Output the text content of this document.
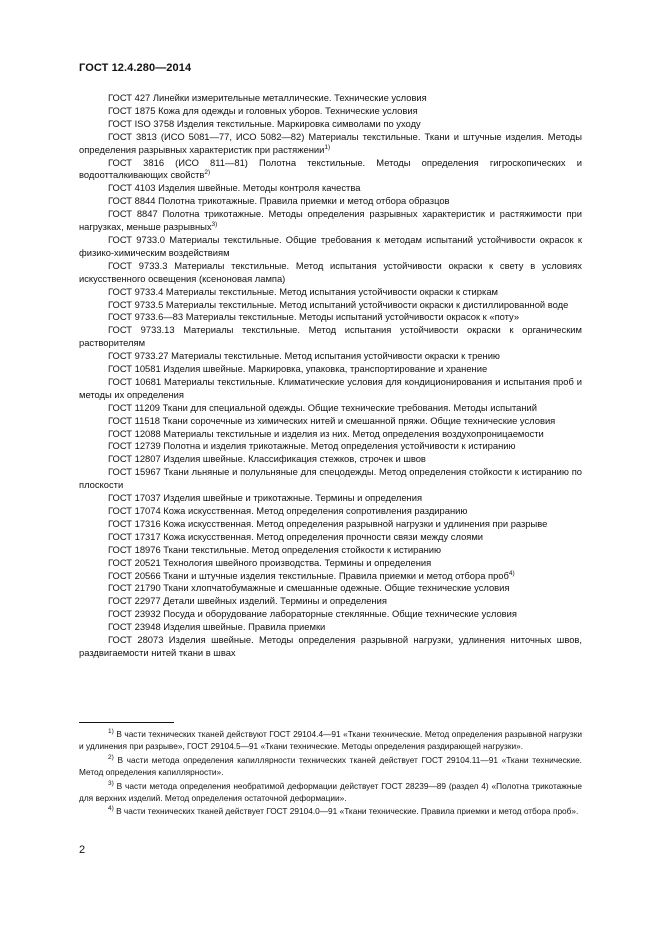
ГОСТ 12.4.280—2014

ГОСТ 427 Линейки измерительные металлические. Технические условия

ГОСТ 1875 Кожа для одежды и головных уборов. Технические условия

ГОСТ ISO 3758 Изделия текстильные. Маркировка символами по уходу

ГОСТ 3813 (ИСО 5081—77, ИСО 5082—82) Материалы текстильные. Ткани и штучные изделия. Методы определения разрывных характеристик при растяжении$^{1)}$

ГОСТ 3816 (ИСО 811—81) Полотна текстильные. Методы определения гигроскопических и водоотталкивающих свойств$^{2)}$

ГОСТ 4103 Изделия швейные. Методы контроля качества

ГОСТ 8844 Полотна трикотажные. Правила приемки и метод отбора образцов

ГОСТ 8847 Полотна трикотажные. Методы определения разрывных характеристик и растяжимости при нагрузках, меньше разрывных$^{3)}$

ГОСТ 9733.0 Материалы текстильные. Общие требования к методам испытаний устойчивости окрасок к физико-химическим воздействиям

ГОСТ 9733.3 Материалы текстильные. Метод испытания устойчивости окраски к свету в условиях искусственного освещения (ксеноновая лампа)

ГОСТ 9733.4 Материалы текстильные. Метод испытания устойчивости окраски к стиркам

ГОСТ 9733.5 Материалы текстильные. Метод испытаний устойчивости окраски к дистиллированной воде

ГОСТ 9733.6—83 Материалы текстильные. Методы испытаний устойчивости окрасок к «поту»

ГОСТ 9733.13 Материалы текстильные. Метод испытания устойчивости окраски к органическим растворителям

ГОСТ 9733.27 Материалы текстильные. Метод испытания устойчивости окраски к трению

ГОСТ 10581 Изделия швейные. Маркировка, упаковка, транспортирование и хранение

ГОСТ 10681 Материалы текстильные. Климатические условия для кондиционирования и испытания проб и методы их определения

ГОСТ 11209 Ткани для специальной одежды. Общие технические требования. Методы испытаний

ГОСТ 11518 Ткани сорочечные из химических нитей и смешанной пряжи. Общие технические условия

ГОСТ 12088 Материалы текстильные и изделия из них. Метод определения воздухопроницаемости

ГОСТ 12739 Полотна и изделия трикотажные. Метод определения устойчивости к истиранию

ГОСТ 12807 Изделия швейные. Классификация стежков, строчек и швов

ГОСТ 15967 Ткани льняные и полульняные для спецодежды. Метод определения стойкости к истиранию по плоскости

ГОСТ 17037 Изделия швейные и трикотажные. Термины и определения

ГОСТ 17074 Кожа искусственная. Метод определения сопротивления раздиранию

ГОСТ 17316 Кожа искусственная. Метод определения разрывной нагрузки и удлинения при разрыве

ГОСТ 17317 Кожа искусственная. Метод определения прочности связи между слоями

ГОСТ 18976 Ткани текстильные. Метод определения стойкости к истиранию

ГОСТ 20521 Технология швейного производства. Термины и определения

ГОСТ 20566 Ткани и штучные изделия текстильные. Правила приемки и метод отбора проб$^{4)}$

ГОСТ 21790 Ткани хлопчатобумажные и смешанные одежные. Общие технические условия

ГОСТ 22977 Детали швейных изделий. Термины и определения

ГОСТ 23932 Посуда и оборудование лабораторные стеклянные. Общие технические условия

ГОСТ 23948 Изделия швейные. Правила приемки

ГОСТ 28073 Изделия швейные. Методы определения разрывной нагрузки, удлинения ниточных швов, раздвигаемости нитей ткани в швах

$^{1)}$ В части технических тканей действуют ГОСТ 29104.4—91 «Ткани технические. Метод определения разрывной нагрузки и удлинения при разрыве», ГОСТ 29104.5—91 «Ткани технические. Методы определения раздирающей нагрузки».

$^{2)}$ В части метода определения капиллярности технических тканей действует ГОСТ 29104.11—91 «Ткани технические. Метод определения капиллярности».

$^{3)}$ В части метода определения необратимой деформации действует ГОСТ 28239—89 (раздел 4) «Полотна трикотажные для верхних изделий. Метод определения остаточной деформации».

$^{4)}$ В части технических тканей действует ГОСТ 29104.0—91 «Ткани технические. Правила приемки и метод отбора проб».

2
